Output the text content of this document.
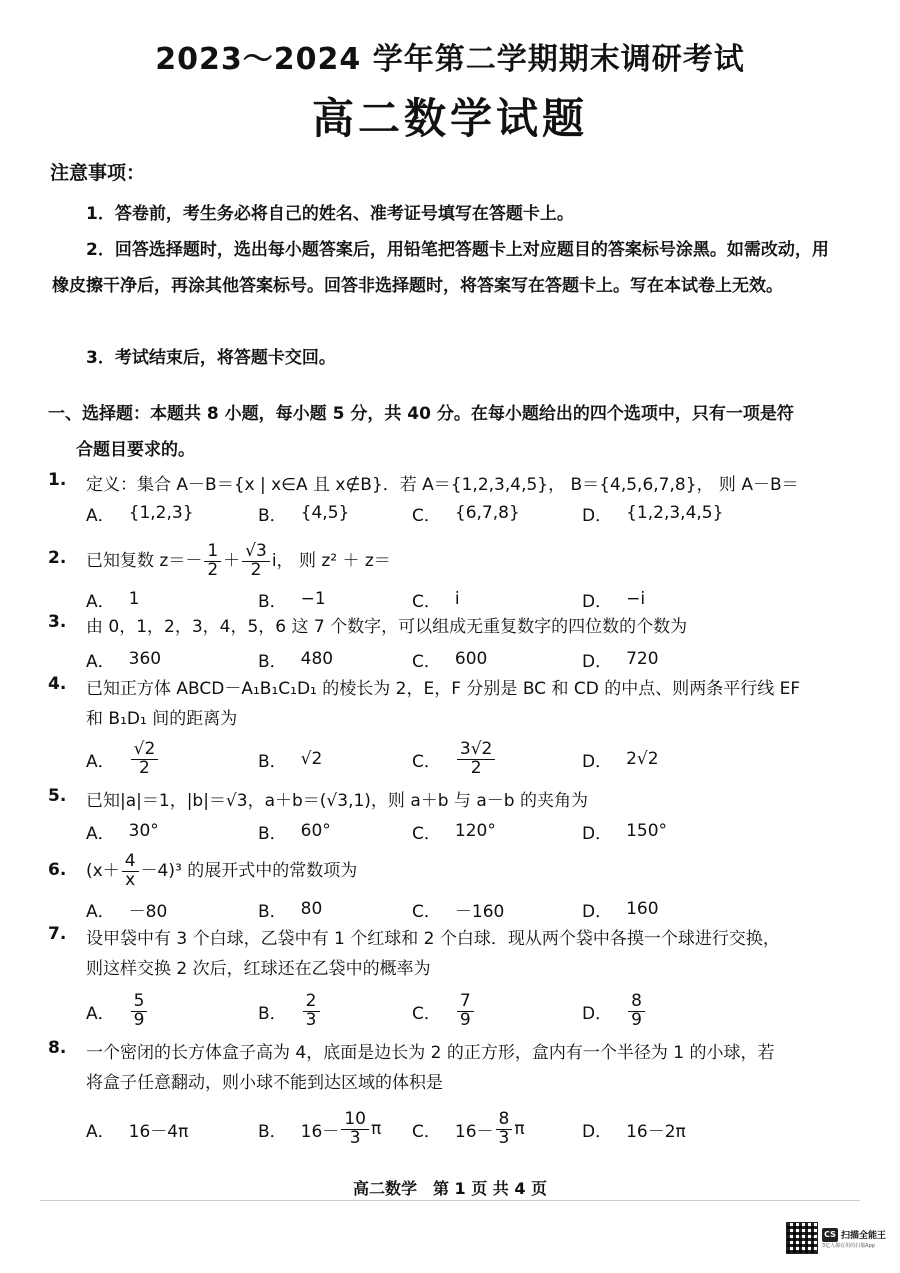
2023～2024 学年第二学期期末调研考试
高二数学试题
注意事项：
1．答卷前，考生务必将自己的姓名、准考证号填写在答题卡上。
2．回答选择题时，选出每小题答案后，用铅笔把答题卡上对应题目的答案标号涂黑。如需改动，用橡皮擦干净后，再涂其他答案标号。回答非选择题时，将答案写在答题卡上。写在本试卷上无效。
3．考试结束后，将答题卡交回。
一、选择题：本题共 8 小题，每小题 5 分，共 40 分。在每小题给出的四个选项中，只有一项是符
合题目要求的。
1. 定义：集合 A－B＝{x | x∈A 且 x∉B}．若 A＝{1,2,3,4,5}， B＝{4,5,6,7,8}， 则 A－B＝
A． {1,2,3}	B． {4,5}	C． {6,7,8}	D． {1,2,3,4,5}
2. 已知复数 $z=- \frac{1}{2} + \frac{√3}{2}$ i， 则 z² ＋ z＝
A． 1	B． −1	C． i	D． −i
3. 由 0，1，2，3，4，5，6 这 7 个数字，可以组成无重复数字的四位数的个数为
A． 360	B． 480	C． 600	D． 720
4. 已知正方体 ABCD－A₁B₁C₁D₁ 的棱长为 2，E，F 分别是 BC 和 CD 的中点、则两条平行线 EF
和 B₁D₁ 间的距离为
A． $\frac{√2}{2}$	B． √2	C． $\frac{3√2}{2}$	D． 2√2
5. 已知|a|＝1，|b|＝√3，a＋b＝(√3,1)，则 a＋b 与 a－b 的夹角为
A． 30°	B． 60°	C． 120°	D． 150°
6. $(x+ \frac{4}{x} -4)^3$ 的展开式中的常数项为
A． －80	B． 80	C． －160	D． 160
7. 设甲袋中有 3 个白球，乙袋中有 1 个红球和 2 个白球．现从两个袋中各摸一个球进行交换，
则这样交换 2 次后，红球还在乙袋中的概率为
A． $\frac{5}{9}$	B． $\frac{2}{3}$	C． $\frac{7}{9}$	D． $\frac{8}{9}$
8. 一个密闭的长方体盒子高为 4，底面是边长为 2 的正方形，盒内有一个半径为 1 的小球，若
将盒子任意翻动，则小球不能到达区域的体积是
A． 16－4π	B． $16- \frac{10}{3}$ π C． $16- \frac{8}{3}$ π	D． 16－2π
高二数学　第 1 页 共 4 页
CS 扫描全能王
3亿人都在用的扫描App
